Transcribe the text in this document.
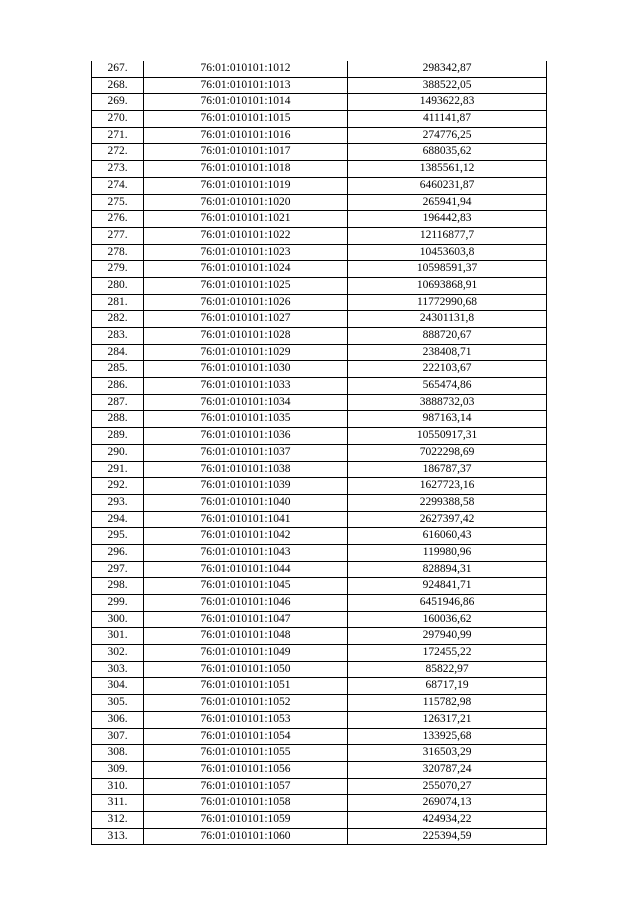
267.	76:01:010101:1012	298342,87
268.	76:01:010101:1013	388522,05
269.	76:01:010101:1014	1493622,83
270.	76:01:010101:1015	411141,87
271.	76:01:010101:1016	274776,25
272.	76:01:010101:1017	688035,62
273.	76:01:010101:1018	1385561,12
274.	76:01:010101:1019	6460231,87
275.	76:01:010101:1020	265941,94
276.	76:01:010101:1021	196442,83
277.	76:01:010101:1022	12116877,7
278.	76:01:010101:1023	10453603,8
279.	76:01:010101:1024	10598591,37
280.	76:01:010101:1025	10693868,91
281.	76:01:010101:1026	11772990,68
282.	76:01:010101:1027	24301131,8
283.	76:01:010101:1028	888720,67
284.	76:01:010101:1029	238408,71
285.	76:01:010101:1030	222103,67
286.	76:01:010101:1033	565474,86
287.	76:01:010101:1034	3888732,03
288.	76:01:010101:1035	987163,14
289.	76:01:010101:1036	10550917,31
290.	76:01:010101:1037	7022298,69
291.	76:01:010101:1038	186787,37
292.	76:01:010101:1039	1627723,16
293.	76:01:010101:1040	2299388,58
294.	76:01:010101:1041	2627397,42
295.	76:01:010101:1042	616060,43
296.	76:01:010101:1043	119980,96
297.	76:01:010101:1044	828894,31
298.	76:01:010101:1045	924841,71
299.	76:01:010101:1046	6451946,86
300.	76:01:010101:1047	160036,62
301.	76:01:010101:1048	297940,99
302.	76:01:010101:1049	172455,22
303.	76:01:010101:1050	85822,97
304.	76:01:010101:1051	68717,19
305.	76:01:010101:1052	115782,98
306.	76:01:010101:1053	126317,21
307.	76:01:010101:1054	133925,68
308.	76:01:010101:1055	316503,29
309.	76:01:010101:1056	320787,24
310.	76:01:010101:1057	255070,27
311.	76:01:010101:1058	269074,13
312.	76:01:010101:1059	424934,22
313.	76:01:010101:1060	225394,59
